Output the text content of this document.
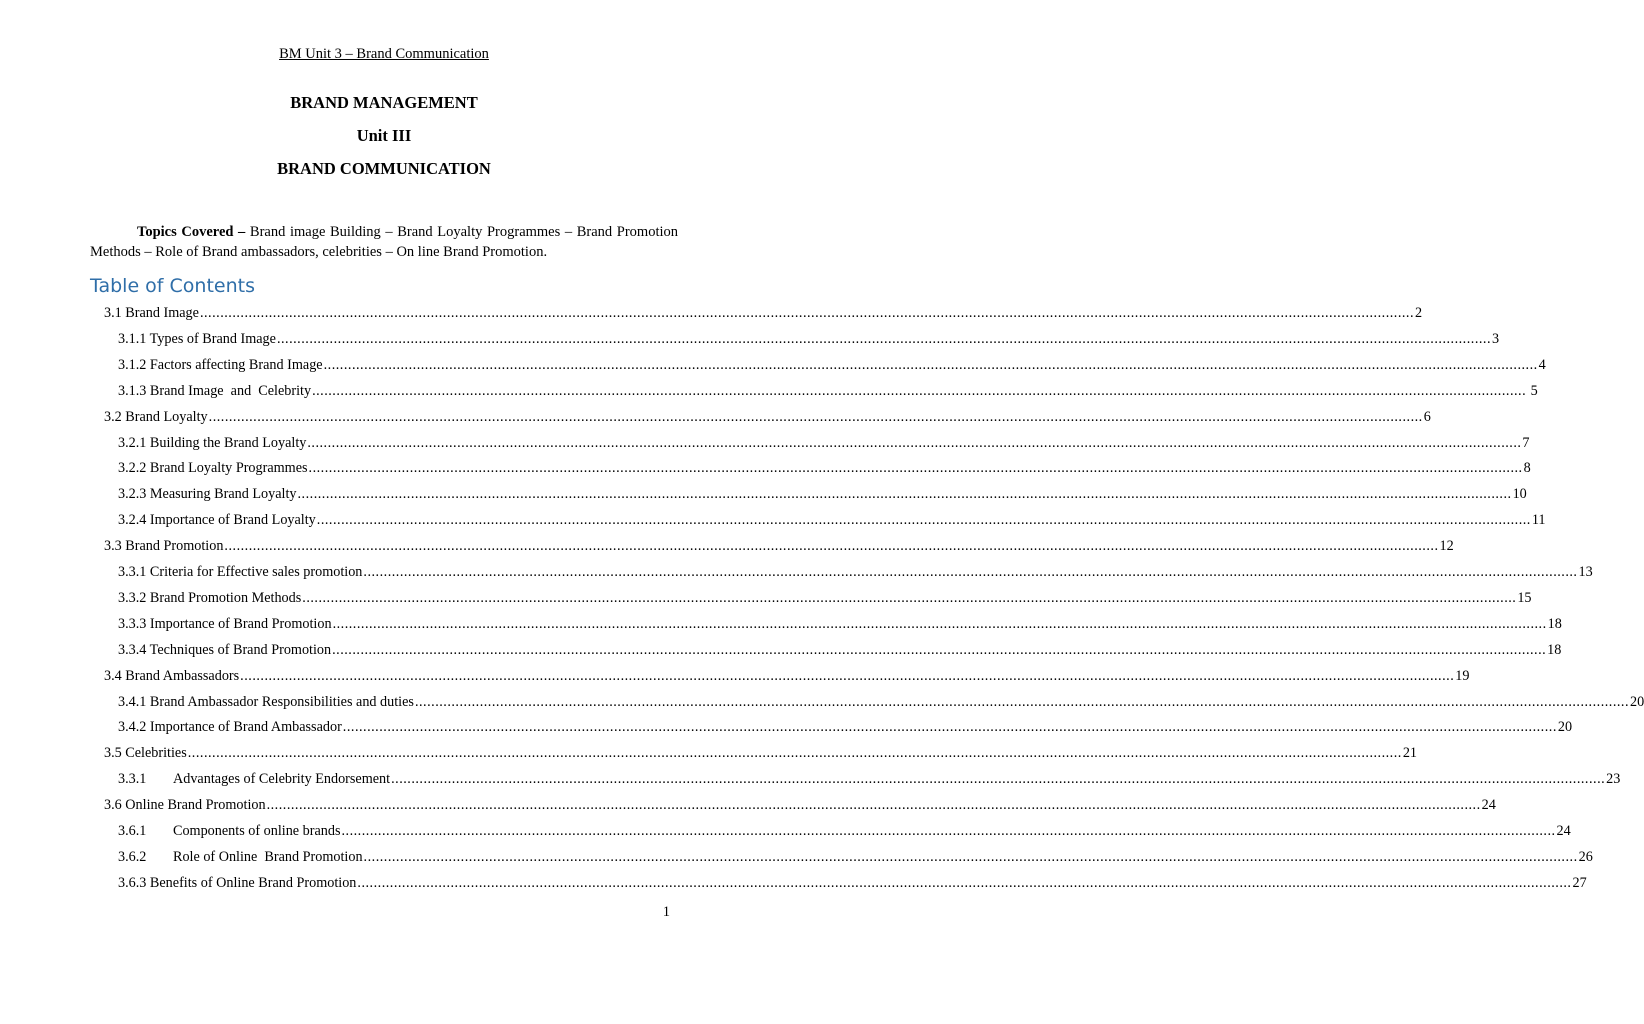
BM Unit 3 – Brand Communication
BRAND MANAGEMENT
Unit III
BRAND COMMUNICATION
Topics Covered – Brand image Building – Brand Loyalty Programmes – Brand Promotion Methods – Role of Brand ambassadors, celebrities – On line Brand Promotion.
Table of Contents
3.1 Brand Image ............................................................................................................................................................................................................................................................................................................ 2
3.1.1 Types of Brand Image ............................................................................................................................................................................................................................................................................................................ 3
3.1.2 Factors affecting Brand Image ............................................................................................................................................................................................................................................................................................................ 4
3.1.3 Brand Image  and  Celebrity ............................................................................................................................................................................................................................................................................................................ 5
3.2 Brand Loyalty ............................................................................................................................................................................................................................................................................................................ 6
3.2.1 Building the Brand Loyalty ............................................................................................................................................................................................................................................................................................................ 7
3.2.2 Brand Loyalty Programmes ............................................................................................................................................................................................................................................................................................................ 8
3.2.3 Measuring Brand Loyalty ............................................................................................................................................................................................................................................................................................................ 10
3.2.4 Importance of Brand Loyalty ............................................................................................................................................................................................................................................................................................................ 11
3.3 Brand Promotion ............................................................................................................................................................................................................................................................................................................ 12
3.3.1 Criteria for Effective sales promotion ............................................................................................................................................................................................................................................................................................................ 13
3.3.2 Brand Promotion Methods ............................................................................................................................................................................................................................................................................................................ 15
3.3.3 Importance of Brand Promotion ............................................................................................................................................................................................................................................................................................................ 18
3.3.4 Techniques of Brand Promotion ............................................................................................................................................................................................................................................................................................................ 18
3.4 Brand Ambassadors ............................................................................................................................................................................................................................................................................................................ 19
3.4.1 Brand Ambassador Responsibilities and duties ............................................................................................................................................................................................................................................................................................................ 20
3.4.2 Importance of Brand Ambassador ............................................................................................................................................................................................................................................................................................................ 20
3.5 Celebrities ............................................................................................................................................................................................................................................................................................................ 21
3.3.1 Advantages of Celebrity Endorsement ............................................................................................................................................................................................................................................................................................................ 23
3.6 Online Brand Promotion ............................................................................................................................................................................................................................................................................................................ 24
3.6.1 Components of online brands ............................................................................................................................................................................................................................................................................................................ 24
3.6.2 Role of Online  Brand Promotion ............................................................................................................................................................................................................................................................................................................ 26
3.6.3 Benefits of Online Brand Promotion ............................................................................................................................................................................................................................................................................................................ 27
1
